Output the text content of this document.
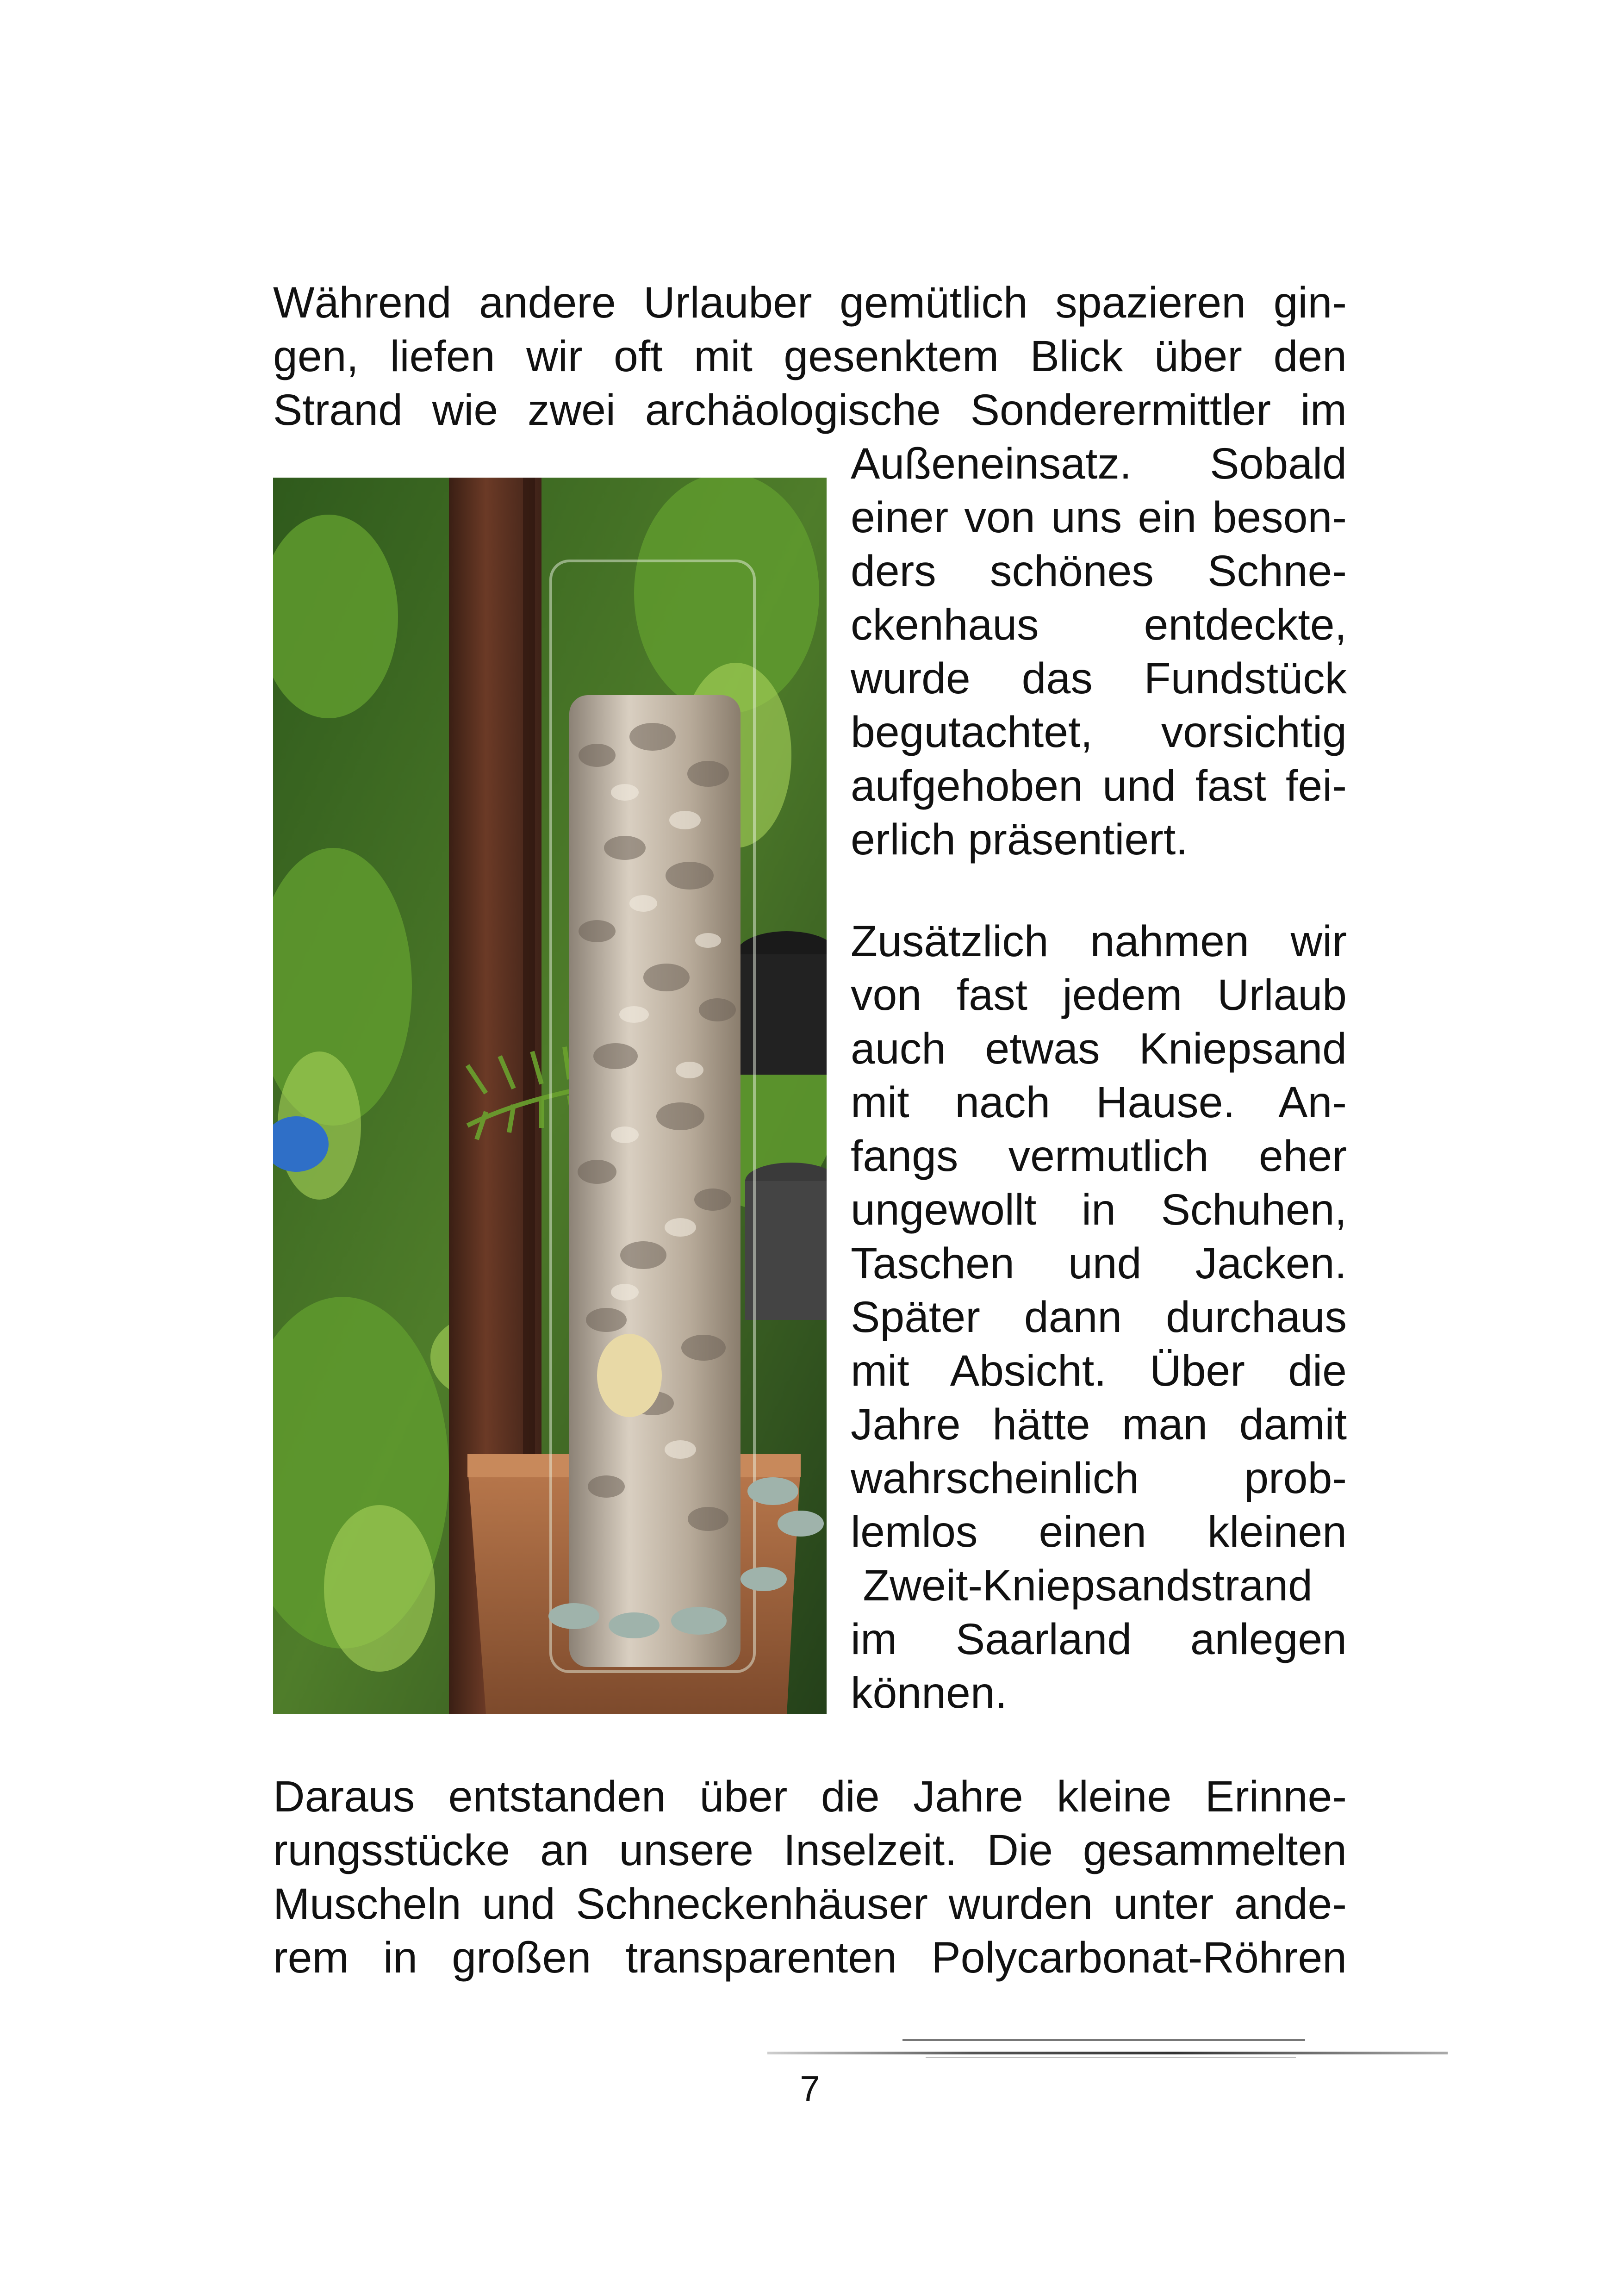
Während andere Urlauber gemütlich spazieren gin-
gen, liefen wir oft mit gesenktem Blick über den
Strand wie zwei archäologische Sonderermittler im
Außeneinsatz. Sobald
einer von uns ein beson-
ders schönes Schne-
ckenhaus entdeckte,
wurde das Fundstück
begutachtet, vorsichtig
aufgehoben und fast fei-
erlich präsentiert.
Zusätzlich nahmen wir
von fast jedem Urlaub
auch etwas Kniepsand
mit nach Hause. An-
fangs vermutlich eher
ungewollt in Schuhen,
Taschen und Jacken.
Später dann durchaus
mit Absicht. Über die
Jahre hätte man damit
wahrscheinlich prob-
lemlos einen kleinen
Zweit-Kniepsandstrand
im Saarland anlegen
können.
Daraus entstanden über die Jahre kleine Erinne-
rungsstücke an unsere Inselzeit. Die gesammelten
Muscheln und Schneckenhäuser wurden unter ande-
rem in großen transparenten Polycarbonat-Röhren
7
